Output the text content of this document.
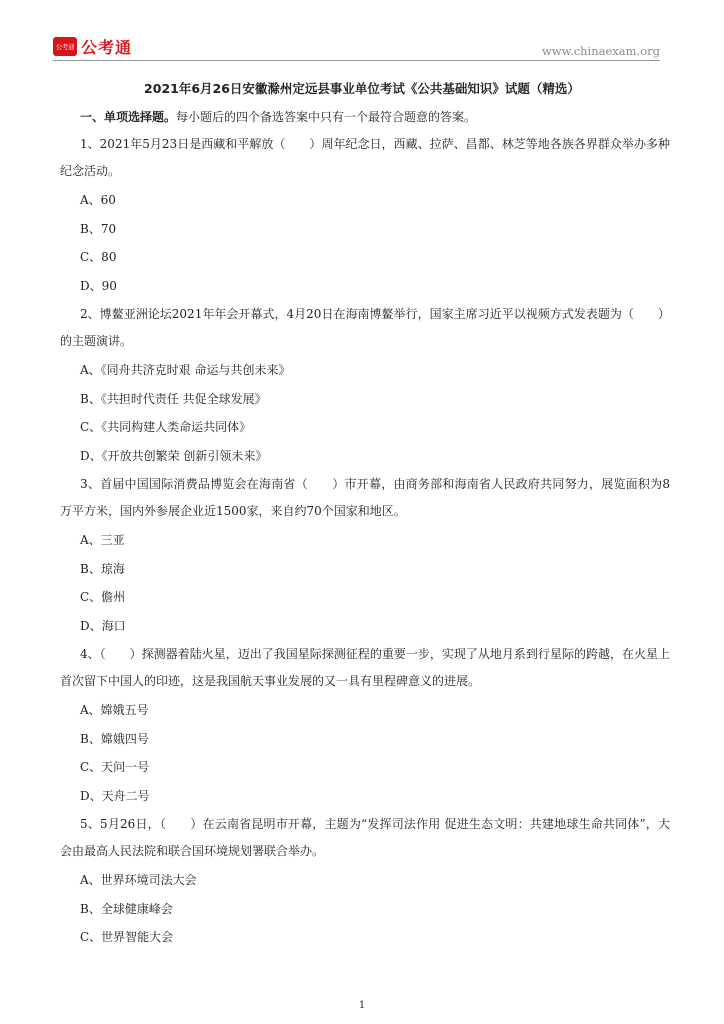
公考通 公考通	www.chinaexam.org
2021年6月26日安徽滁州定远县事业单位考试《公共基础知识》试题（精选）
一、单项选择题。每小题后的四个备选答案中只有一个最符合题意的答案。
1、2021年5月23日是西藏和平解放（　　）周年纪念日，西藏、拉萨、昌都、林芝等地各族各界群众举办多种纪念活动。
A、60
B、70
C、80
D、90
2、博鳌亚洲论坛2021年年会开幕式，4月20日在海南博鳌举行，国家主席习近平以视频方式发表题为（　　）的主题演讲。
A、《同舟共济克时艰 命运与共创未来》
B、《共担时代责任 共促全球发展》
C、《共同构建人类命运共同体》
D、《开放共创繁荣 创新引领未来》
3、首届中国国际消费品博览会在海南省（　　）市开幕，由商务部和海南省人民政府共同努力，展览面积为8万平方米，国内外参展企业近1500家，来自约70个国家和地区。
A、三亚
B、琼海
C、儋州
D、海口
4、（　　）探测器着陆火星，迈出了我国星际探测征程的重要一步，实现了从地月系到行星际的跨越，在火星上首次留下中国人的印迹，这是我国航天事业发展的又一具有里程碑意义的进展。
A、嫦娥五号
B、嫦娥四号
C、天问一号
D、天舟二号
5、5月26日，（　　）在云南省昆明市开幕，主题为“发挥司法作用 促进生态文明：共建地球生命共同体”，大会由最高人民法院和联合国环境规划署联合举办。
A、世界环境司法大会
B、全球健康峰会
C、世界智能大会
1
